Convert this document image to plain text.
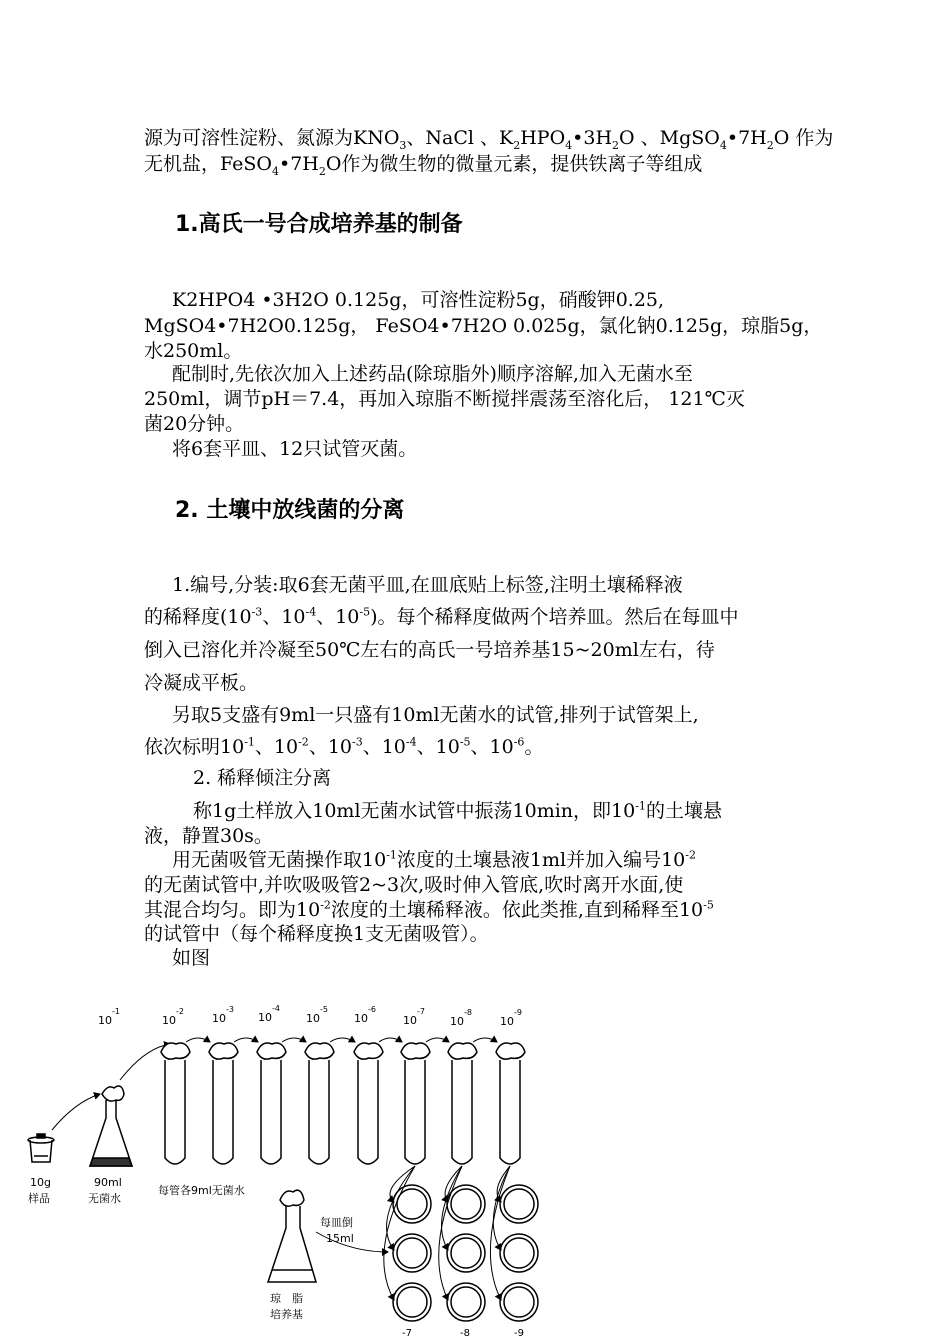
源为可溶性淀粉、氮源为$KNO_3$、NaCl 、$K_2HPO_4•3H_2O$ 、$MgSO_4•7H_2O$ 作为

无机盐，$FeSO_4•7H_2O$作为微生物的微量元素，提供铁离子等组成

1.高氏一号合成培养基的制备

K2HPO4 •3H2O 0.125g，可溶性淀粉5g，硝酸钾0.25,

MgSO4•7H2O0.125g， FeSO4•7H2O 0.025g，氯化钠0.125g，琼脂5g，

水250ml。

配制时,先依次加入上述药品(除琼脂外)顺序溶解,加入无菌水至

250ml，调节pH＝7.4，再加入琼脂不断搅拌震荡至溶化后， 121℃灭

菌20分钟。

将6套平皿、12只试管灭菌。

2. 土壤中放线菌的分离

1.编号,分装:取6套无菌平皿,在皿底贴上标签,注明土壤稀释液

的稀释度($10^{-3}$、$10^{-4}$、$10^{-5}$)。每个稀释度做两个培养皿。然后在每皿中

倒入已溶化并冷凝至50℃左右的高氏一号培养基15~20ml左右，待

冷凝成平板。

另取5支盛有9ml一只盛有10ml无菌水的试管,排列于试管架上,

依次标明$10^{-1}$、$10^{-2}$、$10^{-3}$、$10^{-4}$、$10^{-5}$、$10^{-6}$。

2. 稀释倾注分离

称1g土样放入10ml无菌水试管中振荡10min，即$10^{-1}$的土壤悬

液，静置30s。

用无菌吸管无菌操作取$10^{-1}$浓度的土壤悬液1ml并加入编号$10^{-2}$

的无菌试管中,并吹吸吸管2~3次,吸时伸入管底,吹时离开水面,使

其混合均匀。即为$10^{-2}$浓度的土壤稀释液。依此类推,直到稀释至$10^{-5}$

的试管中（每个稀释度换1支无菌吸管）。

如图

$10^{-1}$
$10^{-2}$
$10^{-3}$
$10^{-4}$
$10^{-5}$
$10^{-6}$
$10^{-7}$
$10^{-8}$
$10^{-9}$
10g
样品
90ml
无菌水
每管各9ml无菌水
琼　脂
培养基
每皿倒
15ml
-7	-8	-9
